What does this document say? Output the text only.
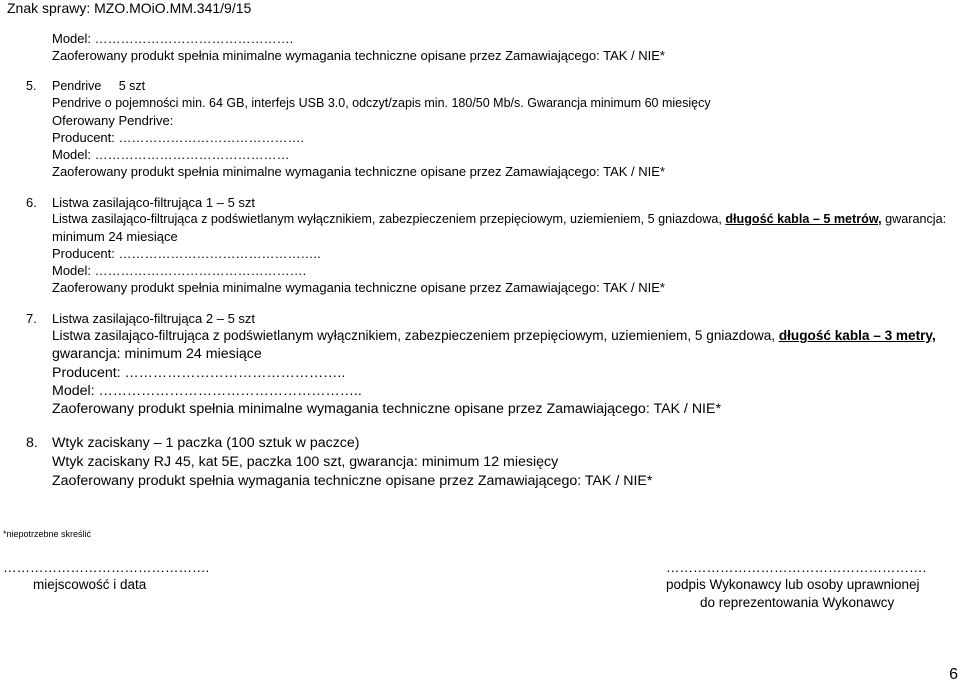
Znak sprawy: MZO.MOiO.MM.341/9/15
Model: ……………………………………….
Zaoferowany produkt spełnia minimalne wymagania techniczne opisane przez Zamawiającego: TAK / NIE*
5. Pendrive     5 szt
Pendrive o pojemności min. 64 GB, interfejs USB 3.0, odczyt/zapis min. 180/50 Mb/s. Gwarancja minimum 60 miesięcy
Oferowany Pendrive:
Producent: …………………………………….
Model: ………………………………………
Zaoferowany produkt spełnia minimalne wymagania techniczne opisane przez Zamawiającego: TAK / NIE*
6. Listwa zasilająco-filtrująca 1 – 5 szt
Listwa zasilająco-filtrująca z podświetlanym wyłącznikiem, zabezpieczeniem przepięciowym, uziemieniem, 5 gniazdowa, długość kabla – 5 metrów, gwarancja:
minimum 24 miesiące
Producent: ………………………………………..
Model: ………………………………………….
Zaoferowany produkt spełnia minimalne wymagania techniczne opisane przez Zamawiającego: TAK / NIE*
7. Listwa zasilająco-filtrująca 2 – 5 szt
Listwa zasilająco-filtrująca z podświetlanym wyłącznikiem, zabezpieczeniem przepięciowym, uziemieniem, 5 gniazdowa, długość kabla – 3 metry,
gwarancja: minimum 24 miesiące
Producent: ………………………………………..
Model: ………………………………………………..
Zaoferowany produkt spełnia minimalne wymagania techniczne opisane przez Zamawiającego: TAK / NIE*
8. Wtyk zaciskany – 1 paczka (100 sztuk w paczce)
Wtyk zaciskany RJ 45, kat 5E, paczka 100 szt, gwarancja: minimum 12 miesięcy
Zaoferowany produkt spełnia wymagania techniczne opisane przez Zamawiającego: TAK / NIE*
*niepotrzebne skreślić
……………………………………….
miejscowość i data
………………………………………………….
podpis Wykonawcy lub osoby uprawnionej
do reprezentowania Wykonawcy
6
